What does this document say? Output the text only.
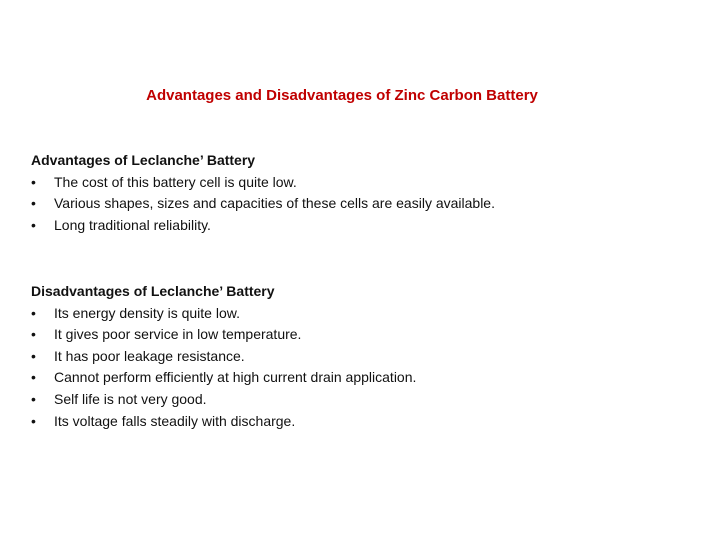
Advantages and Disadvantages of Zinc Carbon Battery
Advantages of Leclanche’ Battery
•	The cost of this battery cell is quite low.
•	Various shapes, sizes and capacities of these cells are easily available.
•	Long traditional reliability.
Disadvantages of Leclanche’ Battery
•	Its energy density is quite low.
•	It gives poor service in low temperature.
•	It has poor leakage resistance.
•	Cannot perform efficiently at high current drain application.
•	Self life is not very good.
•	Its voltage falls steadily with discharge.
